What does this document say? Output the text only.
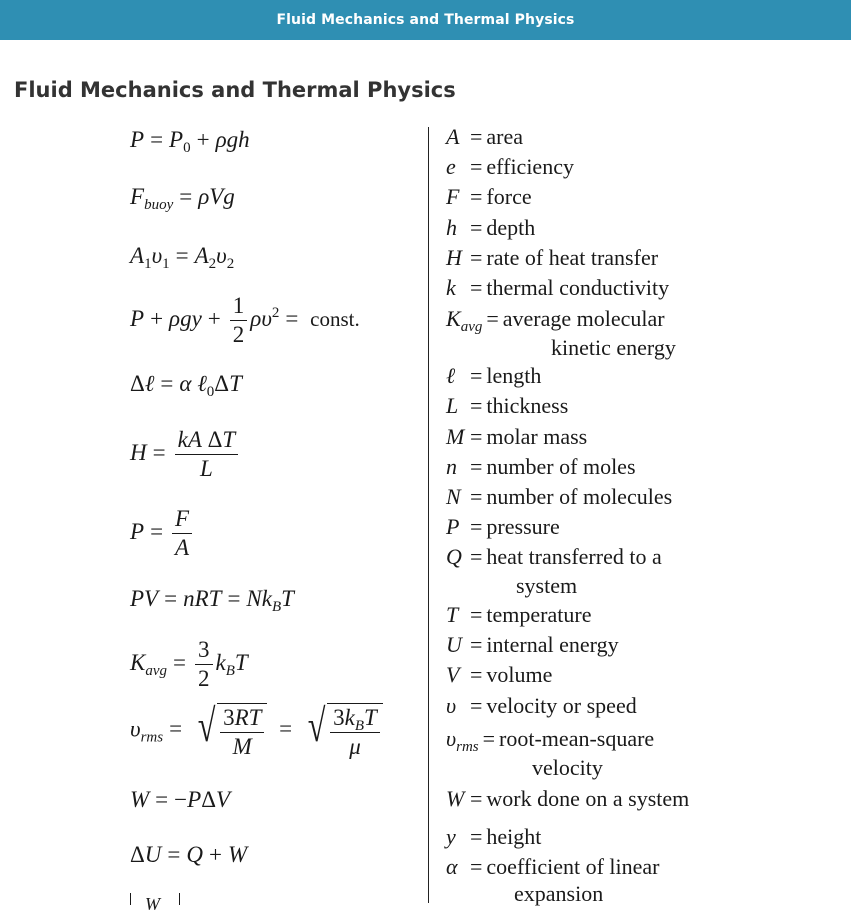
Fluid Mechanics and Thermal Physics
Fluid Mechanics and Thermal Physics
$P = P_0 + \rho gh$
$F_{buoy} = \rho Vg$
$A_1\upsilon_1 = A_2\upsilon_2$
$P + \rho gy + \frac{1}{2} \rho\upsilon^2$ = const.
Δℓ = α ℓ$_0$ΔT
$H = \frac{\text{kA ΔT}}{L}$
$P = \frac{F}{A}$
PV = nRT = $Nk_BT$
$K_{avg} = \frac{3}{2} k_BT$
$\upsilon_{rms}$ = √ $\frac{3RT}{M}$ = √ $\frac{3k_BT}{\mu}$
W = −PΔV
ΔU = Q + W
W
A = area
e = efficiency
F = force
h = depth
H = rate of heat transfer
k = thermal conductivity
$K_{avg}$ = average molecular
kinetic energy
ℓ = length
L = thickness
M = molar mass
n = number of moles
N = number of molecules
P = pressure
Q = heat transferred to a
system
T = temperature
U = internal energy
V = volume
υ = velocity or speed
$\upsilon_{rms}$ = root-mean-square
velocity
W = work done on a system
y = height
α = coefficient of linear
expansion
